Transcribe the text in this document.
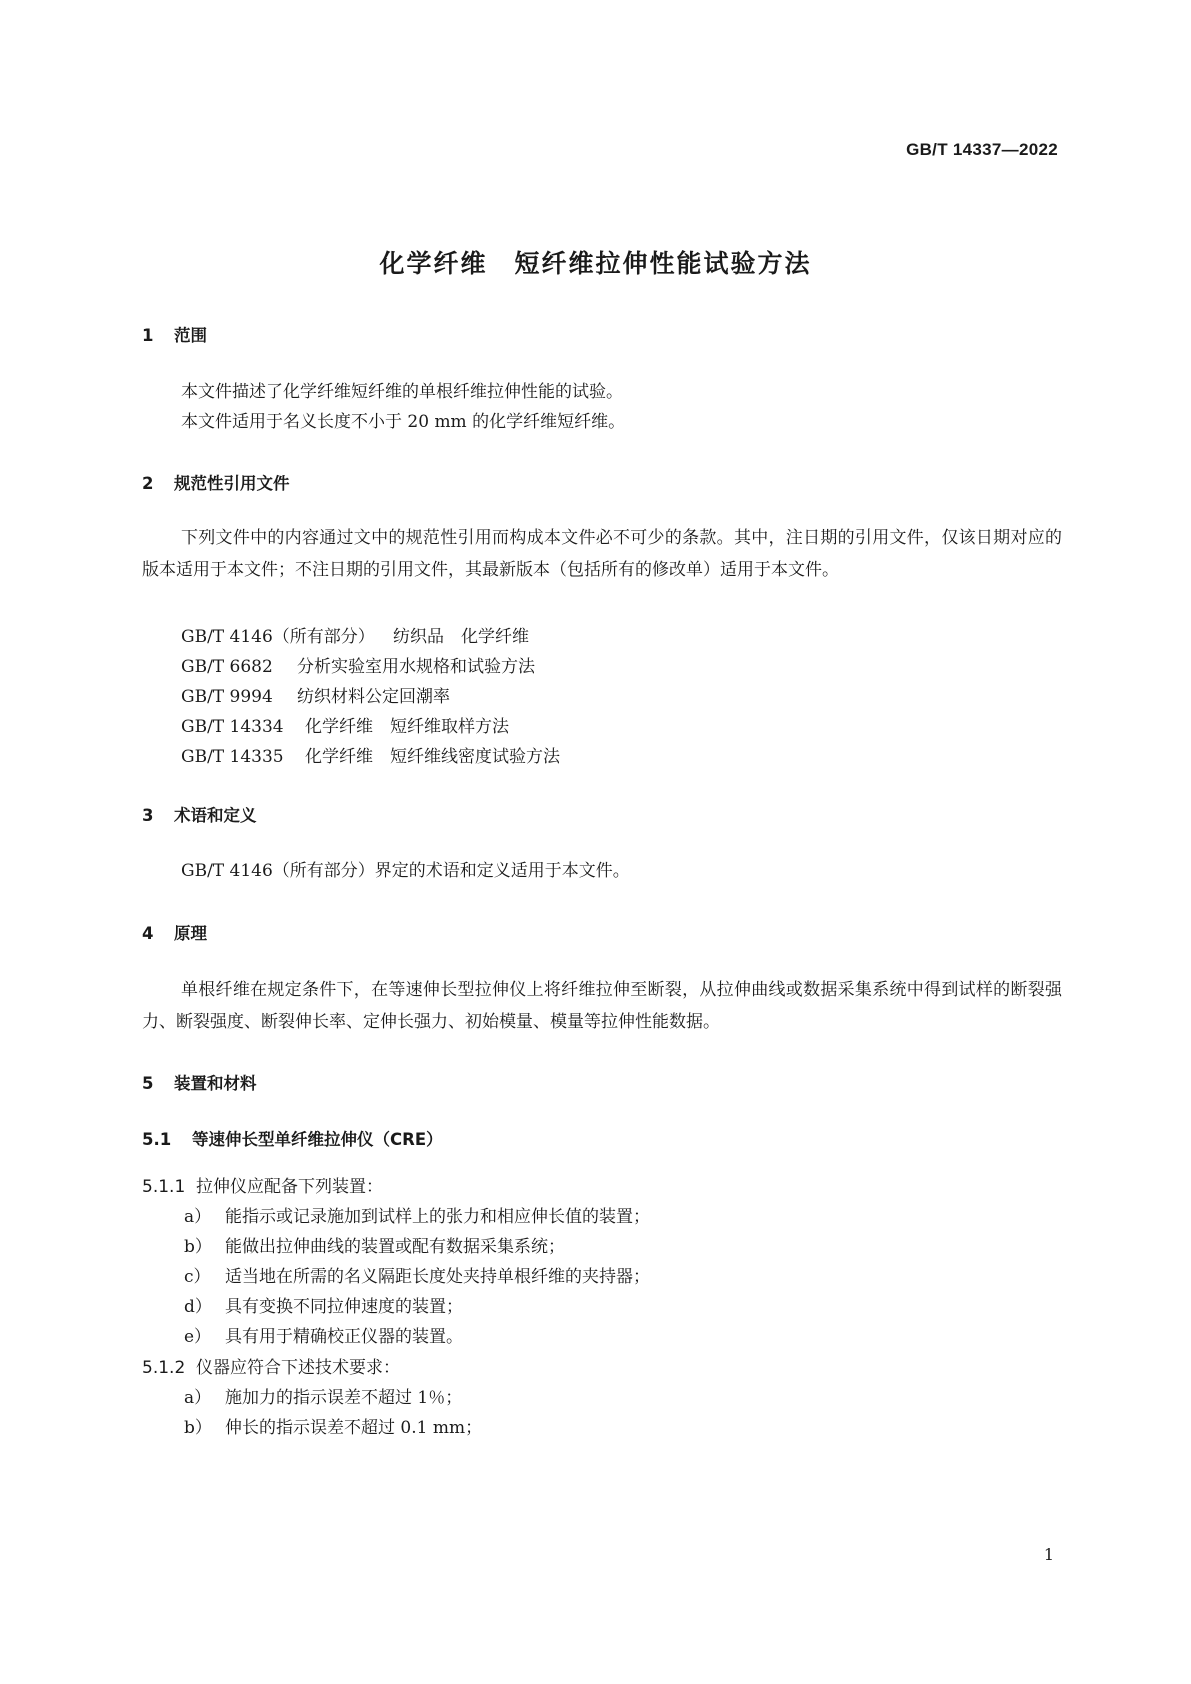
GB/T 14337—2022
化学纤维　短纤维拉伸性能试验方法
1 范围
本文件描述了化学纤维短纤维的单根纤维拉伸性能的试验。
本文件适用于名义长度不小于 20 mm 的化学纤维短纤维。
2 规范性引用文件
下列文件中的内容通过文中的规范性引用而构成本文件必不可少的条款。其中，注日期的引用文件，仅该日期对应的版本适用于本文件；不注日期的引用文件，其最新版本（包括所有的修改单）适用于本文件。
GB/T 4146（所有部分） 纺织品　化学纤维
GB/T 6682 分析实验室用水规格和试验方法
GB/T 9994 纺织材料公定回潮率
GB/T 14334 化学纤维　短纤维取样方法
GB/T 14335 化学纤维　短纤维线密度试验方法
3 术语和定义
GB/T 4146（所有部分）界定的术语和定义适用于本文件。
4 原理
单根纤维在规定条件下，在等速伸长型拉伸仪上将纤维拉伸至断裂，从拉伸曲线或数据采集系统中得到试样的断裂强力、断裂强度、断裂伸长率、定伸长强力、初始模量、模量等拉伸性能数据。
5 装置和材料
5.1 等速伸长型单纤维拉伸仪（CRE）
5.1.1 拉伸仪应配备下列装置：
a） 能指示或记录施加到试样上的张力和相应伸长值的装置；
b） 能做出拉伸曲线的装置或配有数据采集系统；
c） 适当地在所需的名义隔距长度处夹持单根纤维的夹持器；
d） 具有变换不同拉伸速度的装置；
e） 具有用于精确校正仪器的装置。
5.1.2 仪器应符合下述技术要求：
a） 施加力的指示误差不超过 1％；
b） 伸长的指示误差不超过 0.1 mm；
1
